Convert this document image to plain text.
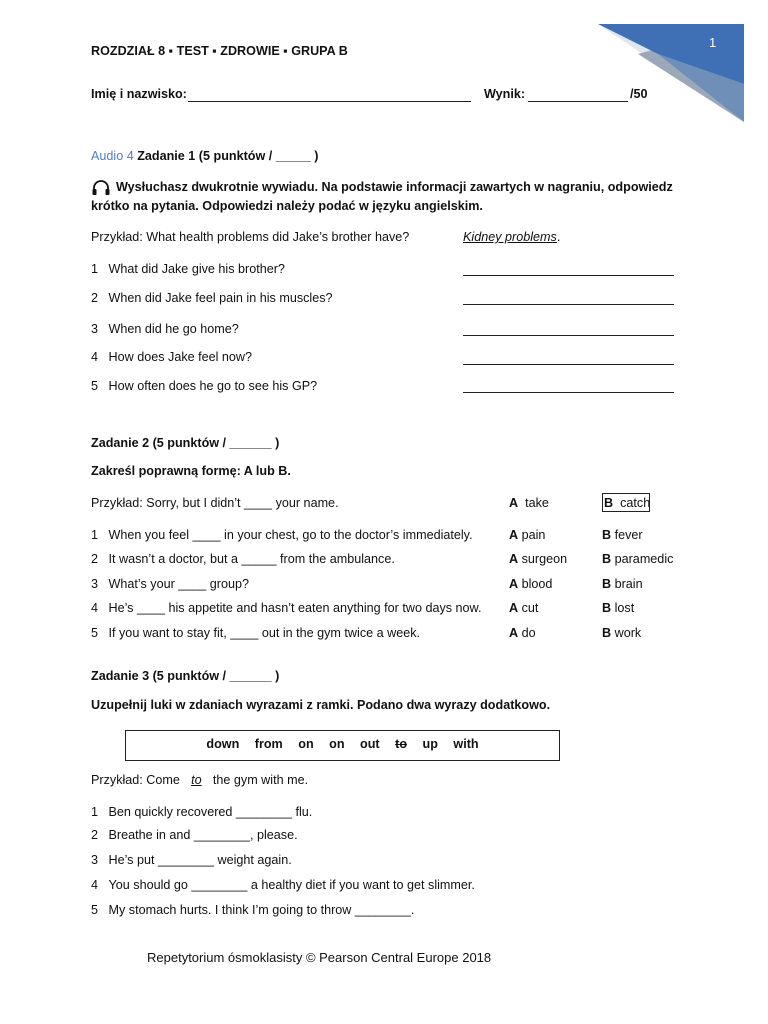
1
ROZDZIAŁ 8 ▪ TEST ▪ ZDROWIE ▪ GRUPA B
Imię i nazwisko:	Wynik:	/50
Audio 4 Zadanie 1 (5 punktów / _____ )
Wysłuchasz dwukrotnie wywiadu. Na podstawie informacji zawartych w nagraniu, odpowiedz
krótko na pytania. Odpowiedzi należy podać w języku angielskim.
Przykład: What health problems did Jake’s brother have?	Kidney problems.
1 What did Jake give his brother?
2 When did Jake feel pain in his muscles?
3 When did he go home?
4 How does Jake feel now?
5 How often does he go to see his GP?
Zadanie 2 (5 punktów / ______ )
Zakreśl poprawną formę: A lub B.
Przykład: Sorry, but I didn’t ____ your name.	A take	B catch
1 When you feel ____ in your chest, go to the doctor’s immediately.	A pain	B fever
2 It wasn’t a doctor, but a _____ from the ambulance.	A surgeon	B paramedic
3 What’s your ____ group?	A blood	B brain
4 He’s ____ his appetite and hasn’t eaten anything for two days now. A cut	B lost
5 If you want to stay fit, ____ out in the gym twice a week.	A do	B work
Zadanie 3 (5 punktów / ______ )
Uzupełnij luki w zdaniach wyrazami z ramki. Podano dwa wyrazy dodatkowo.
down from on on out to up with
Przykład: Come to the gym with me.
1 Ben quickly recovered ________ flu.
2 Breathe in and ________, please.
3 He’s put ________ weight again.
4 You should go ________ a healthy diet if you want to get slimmer.
5 My stomach hurts. I think I’m going to throw ________.
Repetytorium ósmoklasisty © Pearson Central Europe 2018
